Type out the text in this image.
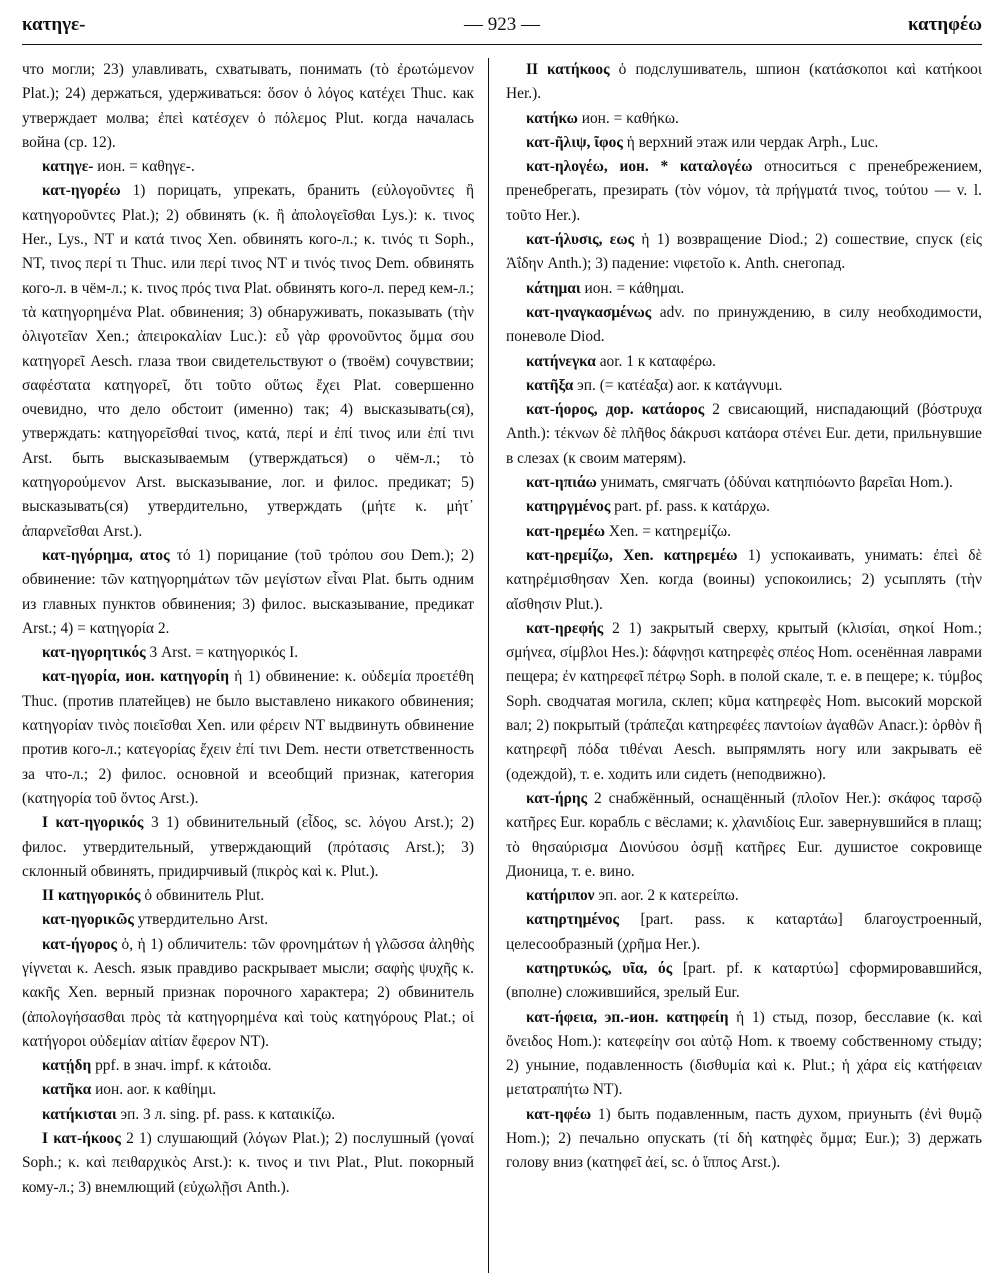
κατηγε-	— 923 —	κατηφέω

что могли; 23) улавливать, схватывать, понимать (τὸ ἐρωτώμενον Plat.); 24) держаться, удерживаться: ὅσον ὁ λόγος κατέχει Thuc. как утверждает молва; ἐπεὶ κατέσχεν ὁ πόλεμος Plut. когда началась война (ср. 12).

κατηγε- ион. = καθηγε-.

κατ-ηγορέω 1) порицать, упрекать, бранить (εὐλογοῦντες ἢ κατηγοροῦντες Plat.); 2) обвинять (κ. ἢ ἀπολογεῖσθαι Lys.): κ. τινος Her., Lys., NT и κατά τινος Xen. обвинять кого-л.; κ. τινός τι Soph., NT, τινος περί τι Thuc. или περί τινος NT и τινός τινος Dem. обвинять кого-л. в чём-л.; κ. τινος πρός τινα Plat. обвинять кого-л. перед кем-л.; τὰ κατηγορημένα Plat. обвинения; 3) обнаруживать, показывать (τὴν ὀλιγοτεῖαν Xen.; ἀπειροκαλίαν Luc.): εὖ γὰρ φρονοῦντος ὄμμα σου κατηγορεῖ Aesch. глаза твои свидетельствуют о (твоём) сочувствии; σαφέστατα κατηγορεῖ, ὅτι τοῦτο οὕτως ἔχει Plat. совершенно очевидно, что дело обстоит (именно) так; 4) высказывать(ся), утверждать: κατηγορεῖσθαί τινος, κατά, περί и ἐπί τινος или ἐπί τινι Arst. быть высказываемым (утверждаться) о чём-л.; τὸ κατηγορούμενον Arst. высказывание, лог. и филос. предикат; 5) высказывать(ся) утвердительно, утверждать (μήτε κ. μήτ᾽ ἀπαρνεῖσθαι Arst.).

κατ-ηγόρημα, ατος τό 1) порицание (τοῦ τρόπου σου Dem.); 2) обвинение: τῶν κατηγορημάτων τῶν μεγίστων εἶναι Plat. быть одним из главных пунктов обвинения; 3) филос. высказывание, предикат Arst.; 4) = κατηγορία 2.

κατ-ηγορητικός 3 Arst. = κατηγορικός I.

κατ-ηγορία, ион. κατηγορίη ἡ 1) обвинение: κ. οὐδεμία προετέθη Thuc. (против платейцев) не было выставлено никакого обвинения; κατηγορίαν τινὸς ποιεῖσθαι Xen. или φέρειν NT выдвинуть обвинение против кого-л.; κατεγορίας ἔχειν ἐπί τινι Dem. нести ответственность за что-л.; 2) филос. основной и всеобщий признак, категория (κατηγορία τοῦ ὄντος Arst.).

I κατ-ηγορικός 3 1) обвинительный (εἶδος, sc. λόγου Arst.); 2) филос. утвердительный, утверждающий (πρότασις Arst.); 3) склонный обвинять, придирчивый (πικρὸς καὶ κ. Plut.).

II κατηγορικός ὁ обвинитель Plut.

κατ-ηγορικῶς утвердительно Arst.

κατ-ήγορος ὁ, ἡ 1) обличитель: τῶν φρονημάτων ἡ γλῶσσα ἀληθὴς γίγνεται κ. Aesch. язык правдиво раскрывает мысли; σαφὴς ψυχῆς κ. κακῆς Xen. верный признак порочного характера; 2) обвинитель (ἀπολογήσασθαι πρὸς τὰ κατηγορημένα καὶ τοὺς κατηγόρους Plat.; οἱ κατήγοροι οὐδεμίαν αἰτίαν ἔφερον NT).

κατῄδη ppf. в знач. impf. к κάτοιδα.

κατῆκα ион. aor. к καθίημι.

κατήκισται эп. 3 л. sing. pf. pass. к καταικίζω.

I κατ-ήκοος 2 1) слушающий (λόγων Plat.); 2) послушный (γοναί Soph.; κ. καὶ πειθαρχικὸς Arst.): κ. τινος и τινι Plat., Plut. покорный кому-л.; 3) внемлющий (εὐχωλῇσι Anth.).

II κατήκοος ὁ подслушиватель, шпион (κατάσκοποι καὶ κατήκοοι Her.).

κατήκω ион. = καθήκω.

κατ-ῆλιψ, ῖφος ἡ верхний этаж или чердак Arph., Luc.

κατ-ηλογέω, ион. * καταλογέω относиться с пренебрежением, пренебрегать, презирать (τὸν νόμον, τὰ πρήγματά τινος, τούτου — v. l. τοῦτο Her.).

κατ-ήλυσις, εως ἡ 1) возвращение Diod.; 2) сошествие, спуск (εἰς Ἀΐδην Anth.); 3) падение: νιφετοῖο κ. Anth. снегопад.

κάτημαι ион. = κάθημαι.

κατ-ηναγκασμένως adv. по принуждению, в силу необходимости, поневоле Diod.

κατήνεγκα aor. 1 к καταφέρω.

κατῆξα эп. (= κατέαξα) aor. к κατάγνυμι.

κατ-ήορος, дор. κατάορος 2 свисающий, ниспадающий (βόστρυχα Anth.): τέκνων δὲ πλῆθος δάκρυσι κατάορα στένει Eur. дети, прильнувшие в слезах (к своим матерям).

κατ-ηπιάω унимать, смягчать (ὀδύναι κατηπιόωντο βαρεῖαι Hom.).

κατηργμένος part. pf. pass. к κατάρχω.

κατ-ηρεμέω Xen. = κατηρεμίζω.

κατ-ηρεμίζω, Xen. κατηρεμέω 1) успокаивать, унимать: ἐπεὶ δὲ κατηρέμισθησαν Xen. когда (воины) успокоились; 2) усыплять (τὴν αἴσθησιν Plut.).

κατ-ηρεφής 2 1) закрытый сверху, крытый (κλισίαι, σηκοί Hom.; σμήνεα, σίμβλοι Hes.): δάφνῃσι κατηρεφὲς σπέος Hom. осенённая лаврами пещера; ἐν κατηρεφεῖ πέτρῳ Soph. в полой скале, т. е. в пещере; κ. τύμβος Soph. сводчатая могила, склеп; κῦμα κατηρεφὲς Hom. высокий морской вал; 2) покрытый (τράπεζαι κατηρεφέες παντοίων ἀγαθῶν Anacr.): ὀρθὸν ἢ κατηρεφῆ πόδα τιθέναι Aesch. выпрямлять ногу или закрывать её (одеждой), т. е. ходить или сидеть (неподвижно).

κατ-ήρης 2 снабжённый, оснащённый (πλοῖον Her.): σκάφος ταρσῷ κατῆρες Eur. корабль с вёслами; κ. χλανιδίοις Eur. завернувшийся в плащ; τὸ θησαύρισμα Διονύσου ὀσμῇ κατῆρες Eur. душистое сокровище Дионица, т. е. вино.

κατήριπον эп. aor. 2 к κατερείπω.

κατηρτημένος [part. pass. к καταρτάω] благоустроенный, целесообразный (χρῆμα Her.).

κατηρτυκώς, υῖα, ός [part. pf. к καταρτύω] сформировавшийся, (вполне) сложившийся, зрелый Eur.

κατ-ήφεια, эп.-ион. κατηφείη ἡ 1) стыд, позор, бесславие (κ. καὶ ὄνειδος Hom.): κατεφείην σοι αὐτῷ Hom. к твоему собственному стыду; 2) уныние, подавленность (δισθυμία καὶ κ. Plut.; ἡ χάρα εἰς κατήφειαν μετατραπήτω NT).

κατ-ηφέω 1) быть подавленным, пасть духом, приуныть (ἐνὶ θυμῷ Hom.); 2) печально опускать (τί δὴ κατηφὲς ὄμμα; Eur.); 3) держать голову вниз (κατηφεῖ ἀεί, sc. ὁ ἵππος Arst.).
